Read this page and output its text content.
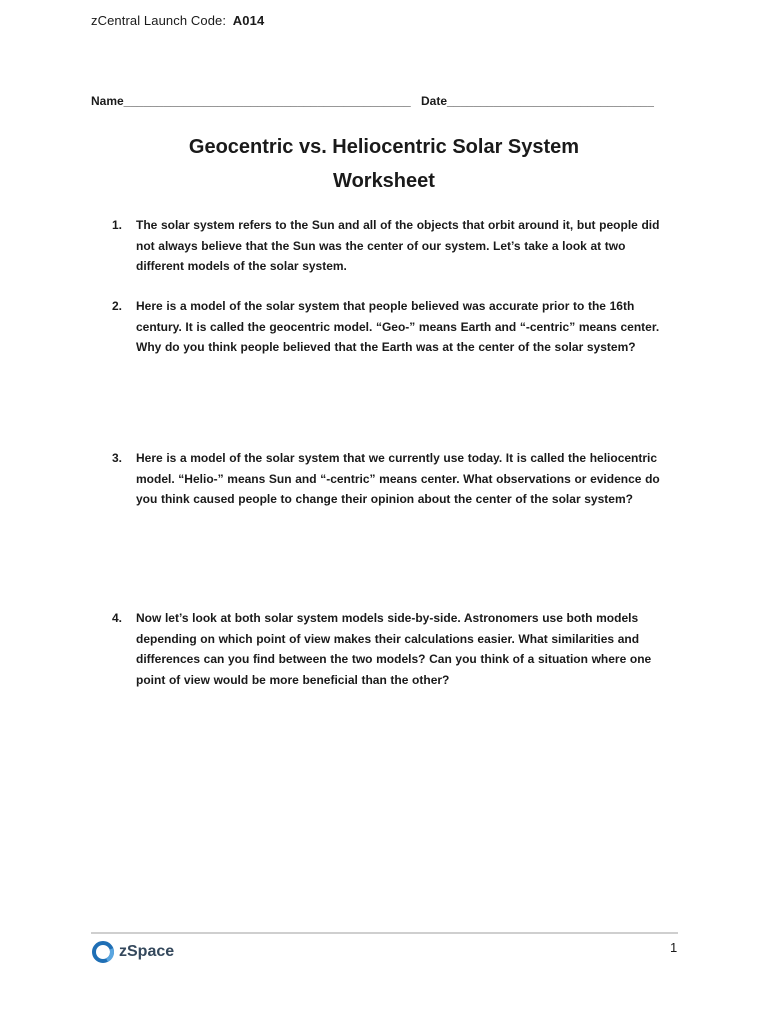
zCentral Launch Code: A014
Name___________________________________________ Date_______________________________
Geocentric vs. Heliocentric Solar System
Worksheet
1. The solar system refers to the Sun and all of the objects that orbit around it, but people did not always believe that the Sun was the center of our system. Let’s take a look at two different models of the solar system.
2. Here is a model of the solar system that people believed was accurate prior to the 16th century. It is called the geocentric model. “Geo-” means Earth and “-centric” means center. Why do you think people believed that the Earth was at the center of the solar system?
3. Here is a model of the solar system that we currently use today. It is called the heliocentric model. “Helio-” means Sun and “-centric” means center. What observations or evidence do you think caused people to change their opinion about the center of the solar system?
4. Now let’s look at both solar system models side-by-side. Astronomers use both models depending on which point of view makes their calculations easier. What similarities and differences can you find between the two models? Can you think of a situation where one point of view would be more beneficial than the other?
zSpace	1
